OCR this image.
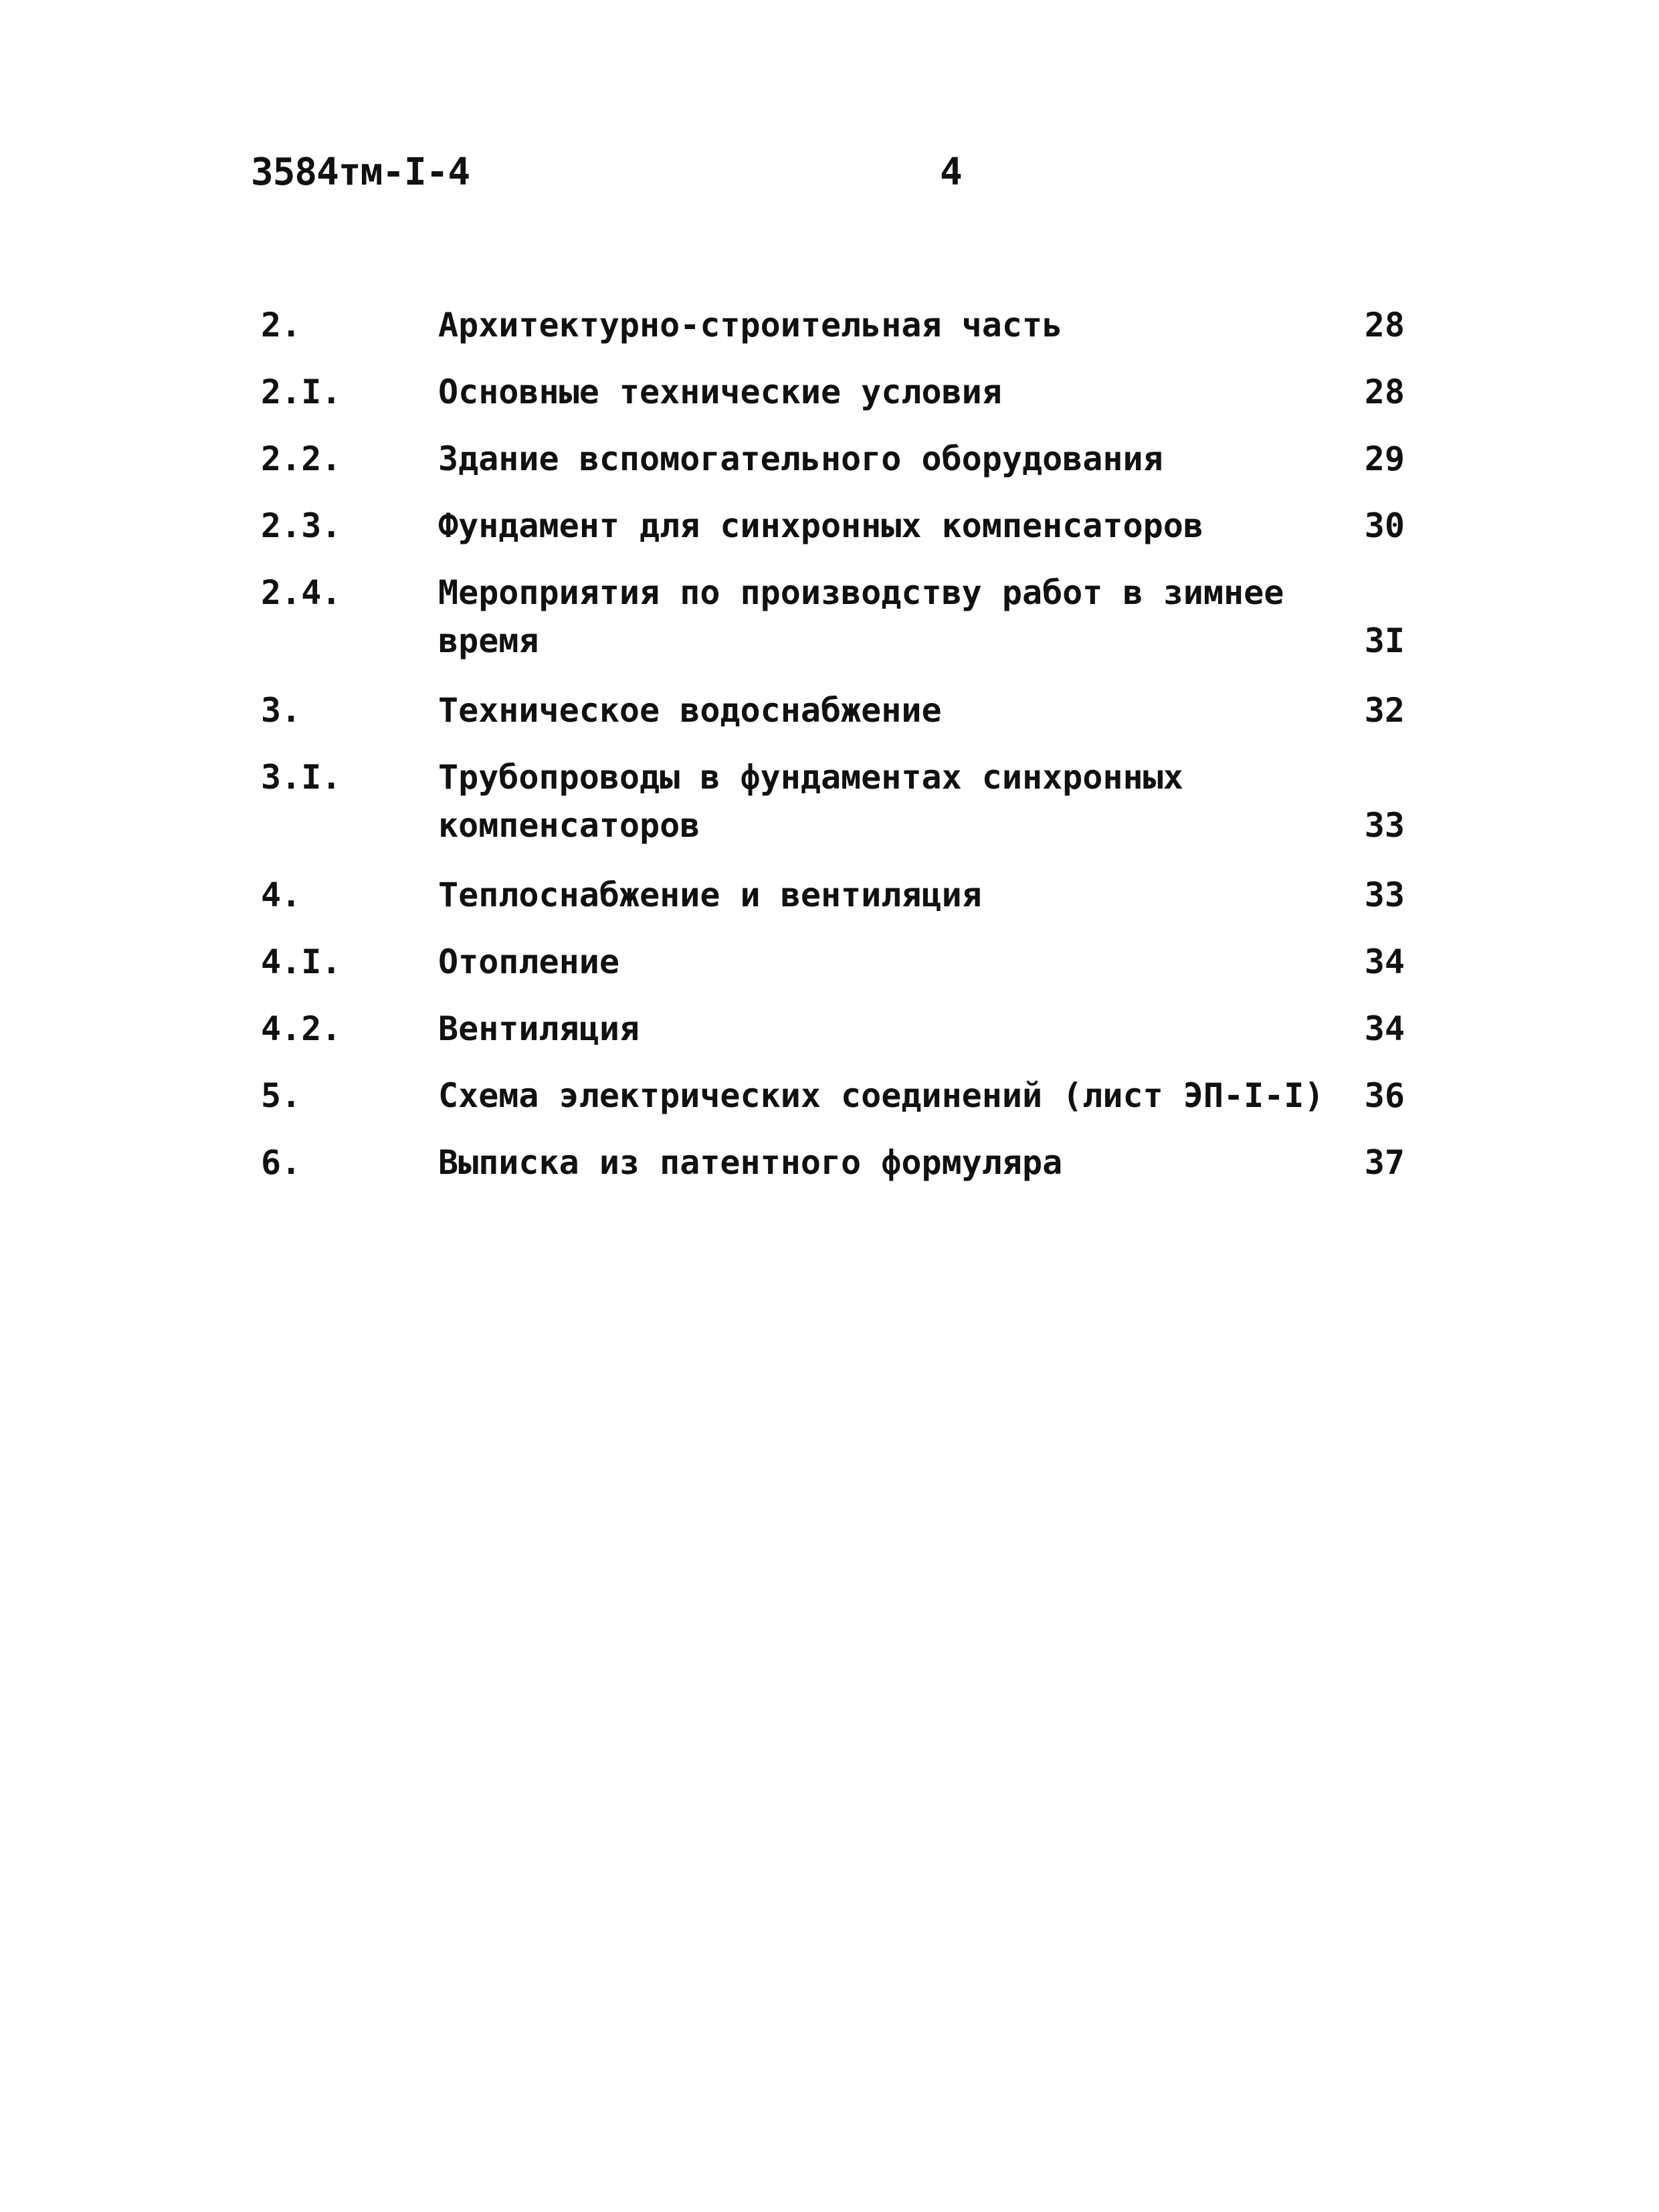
3584тм-I-4	4
2.	Архитектурно-строительная часть	28
2.I.	Основные технические условия	28
2.2.	Здание вспомогательного оборудования	29
2.3.	Фундамент для синхронных компенсаторов	30
2.4.	Мероприятия по производству работ в зимнее время	3I
3.	Техническое водоснабжение	32
3.I.	Трубопроводы в фундаментах синхронных компенсаторов	33
4.	Теплоснабжение и вентиляция	33
4.I.	Отопление	34
4.2.	Вентиляция	34
5.	Схема электрических соединений (лист ЭП-I-I)	36
6.	Выписка из патентного формуляра	37
